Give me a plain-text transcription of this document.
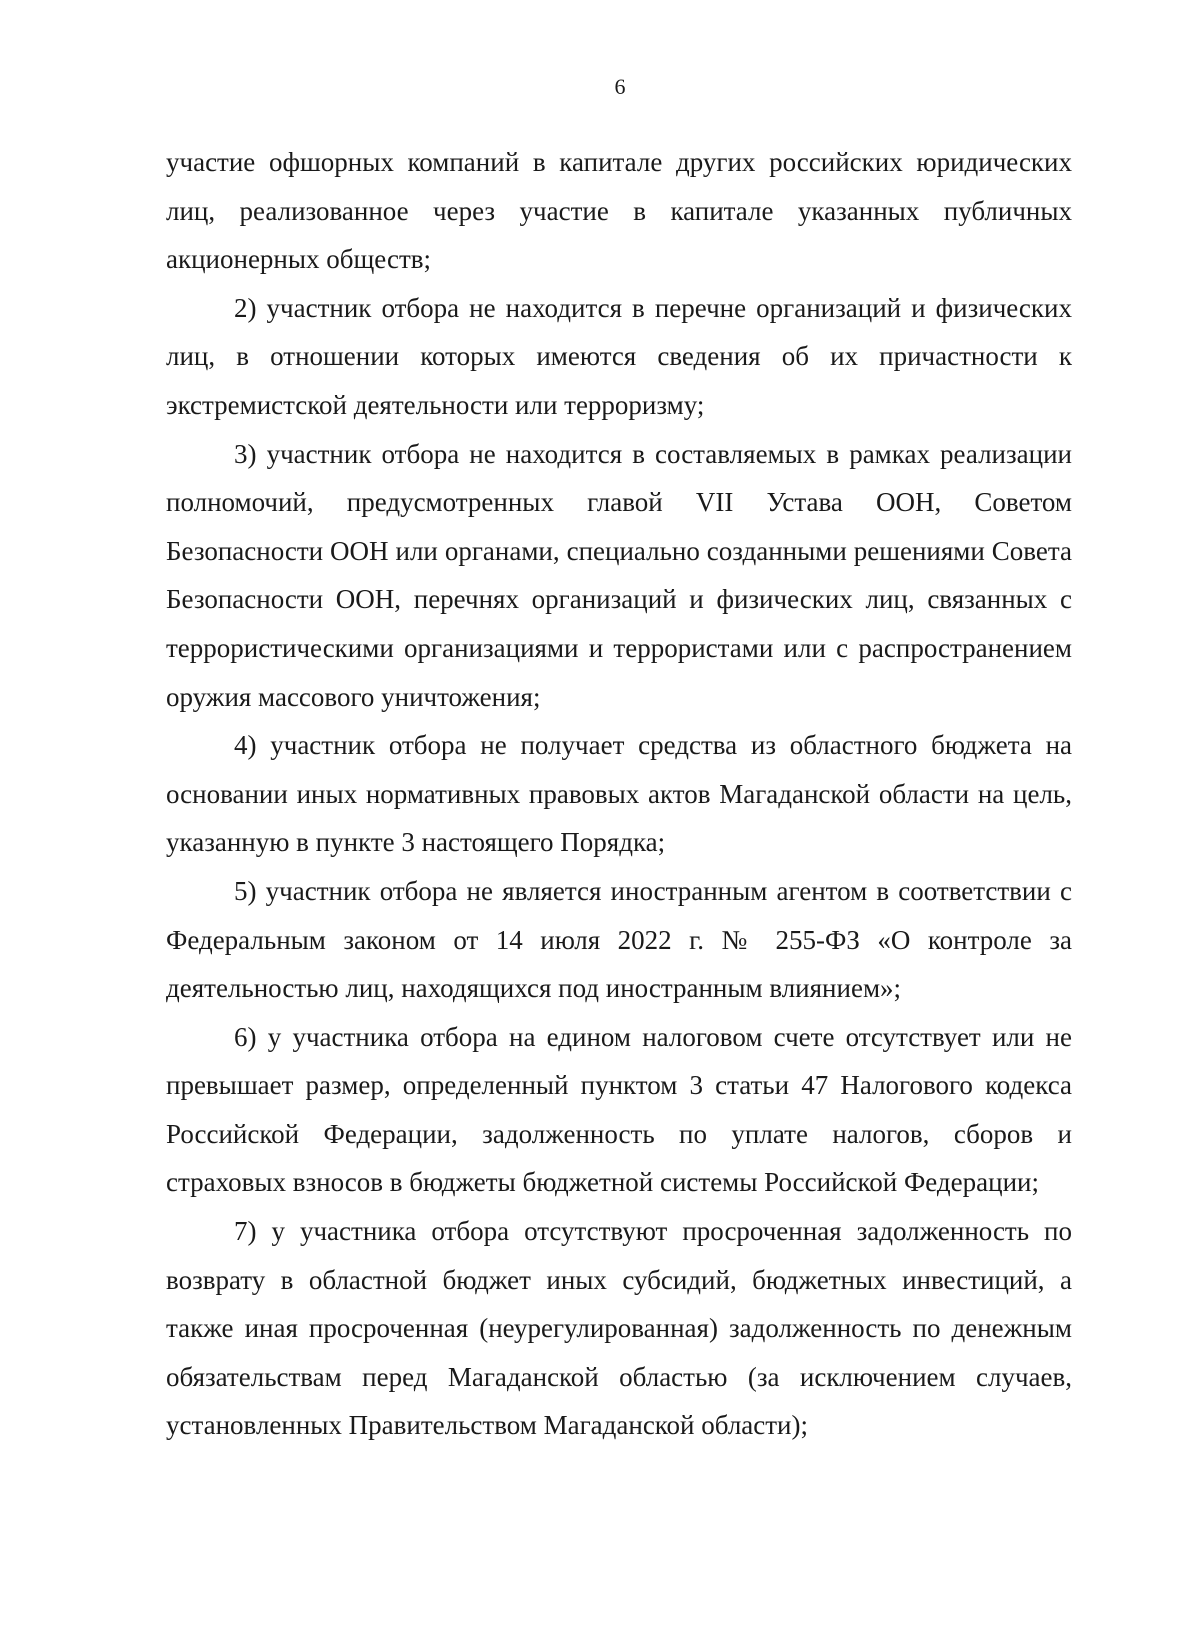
6

участие офшорных компаний в капитале других российских юридических лиц, реализованное через участие в капитале указанных публичных акционерных обществ;

2) участник отбора не находится в перечне организаций и физических лиц, в отношении которых имеются сведения об их причастности к экстремистской деятельности или терроризму;

3) участник отбора не находится в составляемых в рамках реализации полномочий, предусмотренных главой VII Устава ООН, Советом Безопасности ООН или органами, специально созданными решениями Совета Безопасности ООН, перечнях организаций и физических лиц, связанных с террористическими организациями и террористами или с распространением оружия массового уничтожения;

4) участник отбора не получает средства из областного бюджета на основании иных нормативных правовых актов Магаданской области на цель, указанную в пункте 3 настоящего Порядка;

5) участник отбора не является иностранным агентом в соответствии с Федеральным законом от 14 июля 2022 г. № 255-ФЗ «О контроле за деятельностью лиц, находящихся под иностранным влиянием»;

6) у участника отбора на едином налоговом счете отсутствует или не превышает размер, определенный пунктом 3 статьи 47 Налогового кодекса Российской Федерации, задолженность по уплате налогов, сборов и страховых взносов в бюджеты бюджетной системы Российской Федерации;

7) у участника отбора отсутствуют просроченная задолженность по возврату в областной бюджет иных субсидий, бюджетных инвестиций, а также иная просроченная (неурегулированная) задолженность по денежным обязательствам перед Магаданской областью (за исключением случаев, установленных Правительством Магаданской области);
